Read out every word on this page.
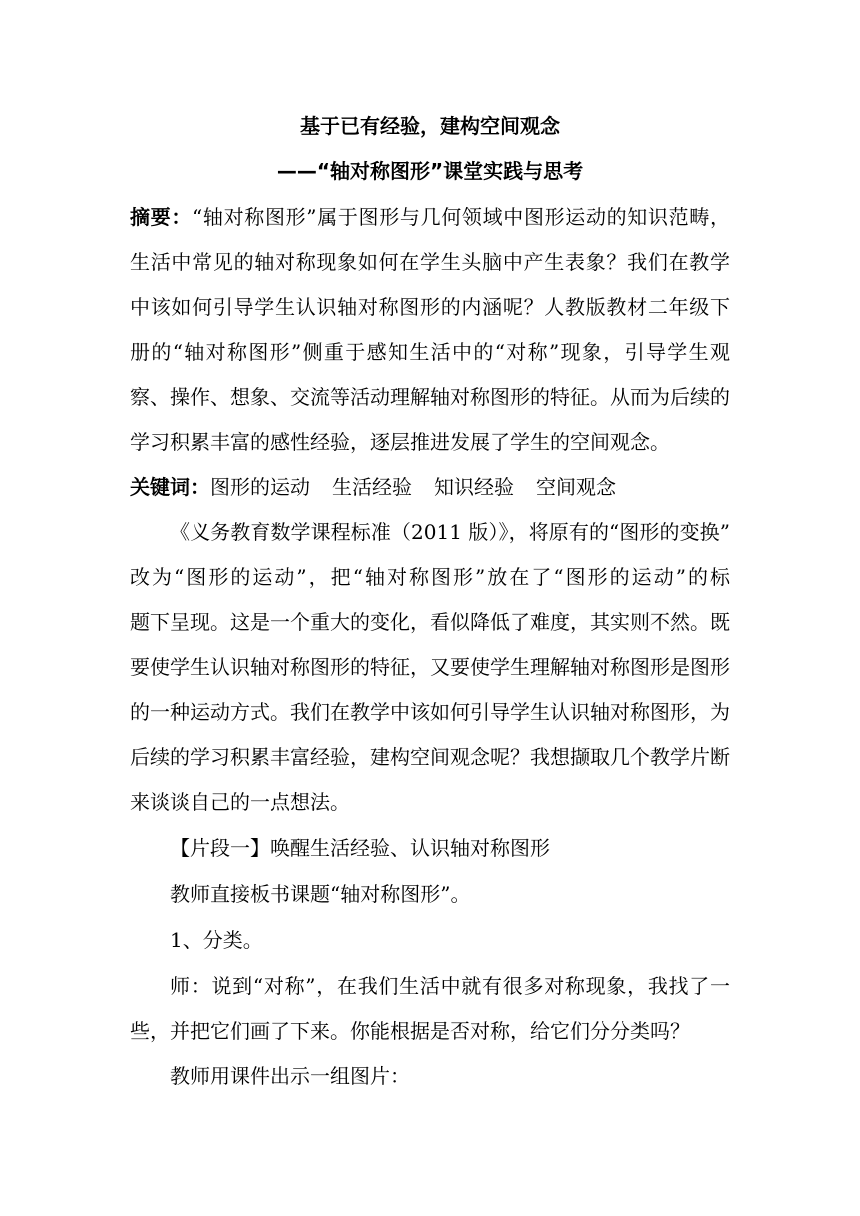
基于已有经验，建构空间观念
——“轴对称图形”课堂实践与思考
摘要：“轴对称图形”属于图形与几何领域中图形运动的知识范畴，
生活中常见的轴对称现象如何在学生头脑中产生表象？我们在教学
中该如何引导学生认识轴对称图形的内涵呢？人教版教材二年级下
册的“轴对称图形”侧重于感知生活中的“对称”现象，引导学生观
察、操作、想象、交流等活动理解轴对称图形的特征。从而为后续的
学习积累丰富的感性经验，逐层推进发展了学生的空间观念。
关键词：图形的运动 生活经验 知识经验 空间观念
《义务教育数学课程标准（2011 版）》，将原有的“图形的变换”
改为“图形的运动”，把“轴对称图形”放在了“图形的运动”的标
题下呈现。这是一个重大的变化，看似降低了难度，其实则不然。既
要使学生认识轴对称图形的特征，又要使学生理解轴对称图形是图形
的一种运动方式。我们在教学中该如何引导学生认识轴对称图形，为
后续的学习积累丰富经验，建构空间观念呢？我想撷取几个教学片断
来谈谈自己的一点想法。
【片段一】唤醒生活经验、认识轴对称图形
教师直接板书课题“轴对称图形”。
1、分类。
师：说到“对称”，在我们生活中就有很多对称现象，我找了一
些，并把它们画了下来。你能根据是否对称，给它们分分类吗？
教师用课件出示一组图片：
